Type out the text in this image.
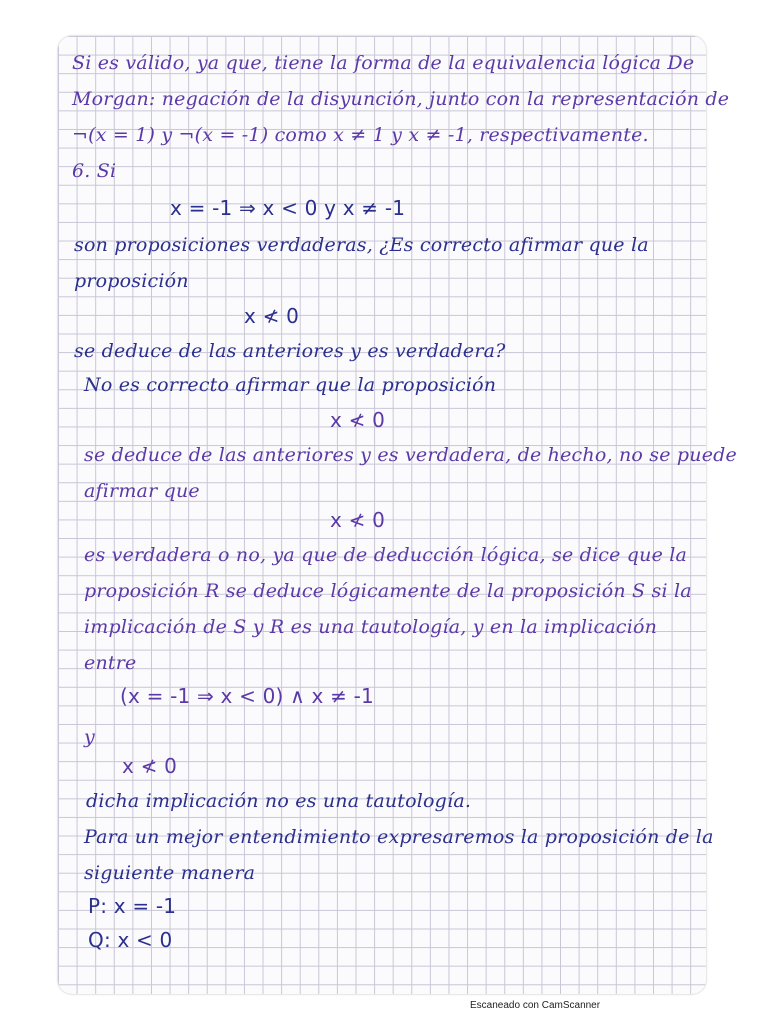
Si es válido, ya que, tiene la forma de la equivalencia lógica De
Morgan: negación de la disyunción, junto con la representación de
¬(x = 1) y ¬(x = -1) como x ≠ 1 y x ≠ -1, respectivamente.
6. Si
x = -1 ⇒ x < 0 y x ≠ -1
son proposiciones verdaderas, ¿Es correcto afirmar que la
proposición
x ≮ 0
se deduce de las anteriores y es verdadera?
No es correcto afirmar que la proposición
x ≮ 0
se deduce de las anteriores y es verdadera, de hecho, no se puede
afirmar que
x ≮ 0
es verdadera o no, ya que de deducción lógica, se dice que la
proposición R se deduce lógicamente de la proposición S si la
implicación de S y R es una tautología, y en la implicación
entre
(x = -1 ⇒ x < 0) ∧ x ≠ -1
y
x ≮ 0
dicha implicación no es una tautología.
Para un mejor entendimiento expresaremos la proposición de la
siguiente manera
P: x = -1
Q: x < 0
Escaneado con CamScanner
